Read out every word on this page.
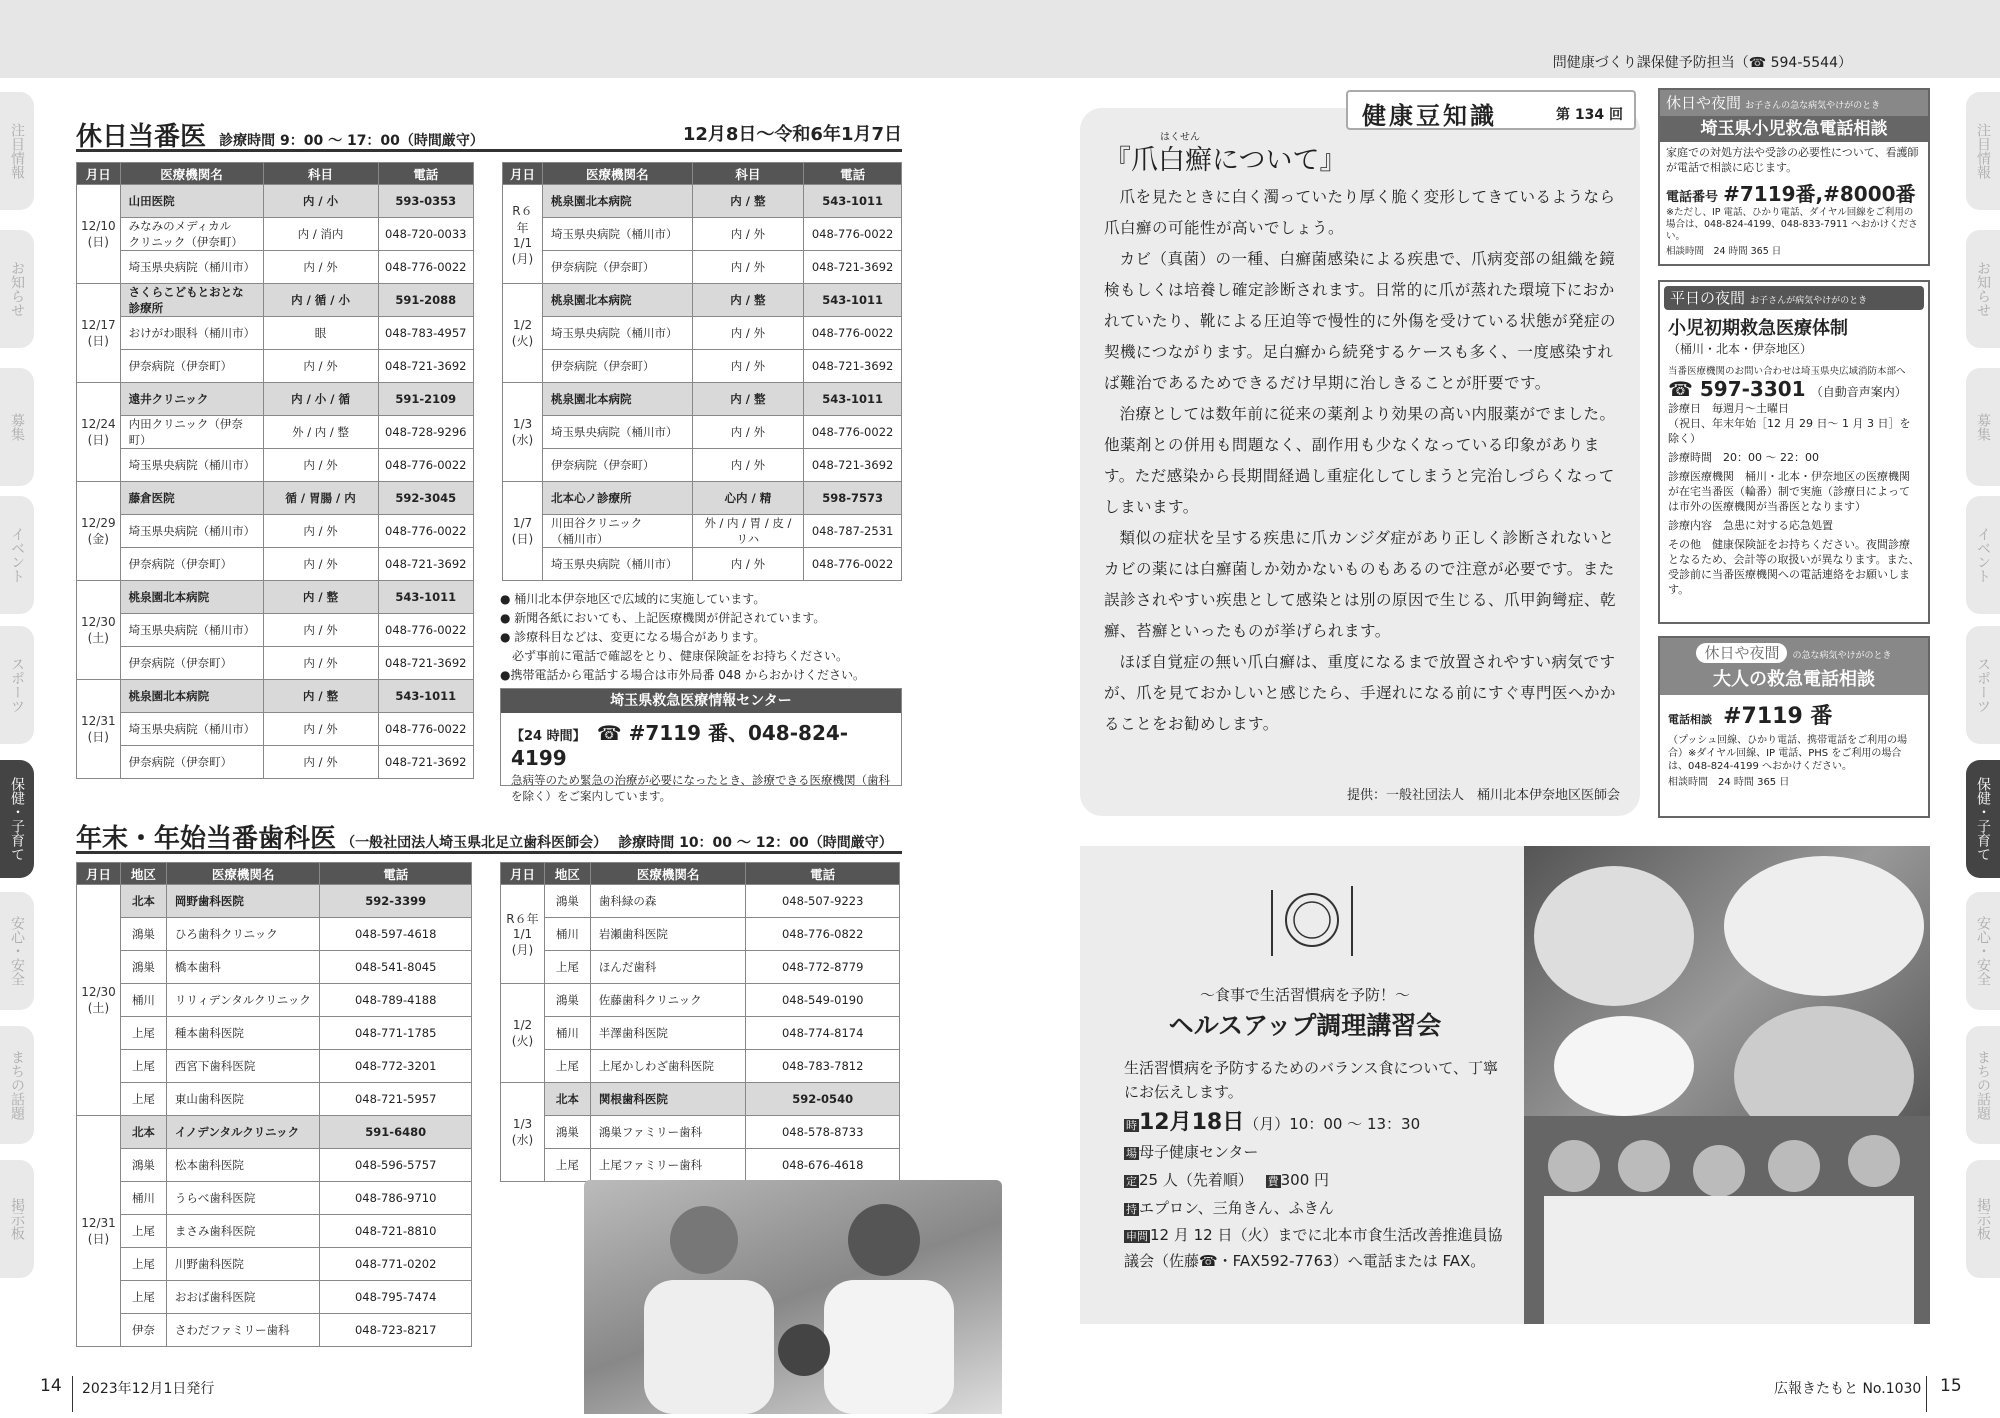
問健康づくり課保健予防担当（☎ 594-5544）
注目情報
お知らせ
募集
イベント
スポーツ
保健・子育て
安心・安全
まちの話題
掲示板
注目情報
お知らせ
募集
イベント
スポーツ
保健・子育て
安心・安全
まちの話題
掲示板
休日当番医 診療時間 9：00 ～ 17：00（時間厳守）	12月8日～令和6年1月7日
月日	医療機関名	科目	電話
12/10
(日)	山田医院	内 / 小	593-0353
	みなみのメディカル
クリニック（伊奈町）	内 / 消内	048-720-0033
	埼玉県央病院（桶川市）	内 / 外	048-776-0022
12/17
(日)	さくらこどもとおとな
診療所	内 / 循 / 小	591-2088
	おけがわ眼科（桶川市）	眼	048-783-4957
	伊奈病院（伊奈町）	内 / 外	048-721-3692
12/24
(日)	遠井クリニック	内 / 小 / 循	591-2109
	内田クリニック（伊奈町）	外 / 内 / 整	048-728-9296
	埼玉県央病院（桶川市）	内 / 外	048-776-0022
12/29
(金)	藤倉医院	循 / 胃腸 / 内	592-3045
	埼玉県央病院（桶川市）	内 / 外	048-776-0022
	伊奈病院（伊奈町）	内 / 外	048-721-3692
12/30
(土)	桃泉園北本病院	内 / 整	543-1011
	埼玉県央病院（桶川市）	内 / 外	048-776-0022
	伊奈病院（伊奈町）	内 / 外	048-721-3692
12/31
(日)	桃泉園北本病院	内 / 整	543-1011
	埼玉県央病院（桶川市）	内 / 外	048-776-0022
	伊奈病院（伊奈町）	内 / 外	048-721-3692
月日	医療機関名	科目	電話
R６年
1/1
(月)	桃泉園北本病院	内 / 整	543-1011
	埼玉県央病院（桶川市）	内 / 外	048-776-0022
	伊奈病院（伊奈町）	内 / 外	048-721-3692
1/2
(火)	桃泉園北本病院	内 / 整	543-1011
	埼玉県央病院（桶川市）	内 / 外	048-776-0022
	伊奈病院（伊奈町）	内 / 外	048-721-3692
1/3
(水)	桃泉園北本病院	内 / 整	543-1011
	埼玉県央病院（桶川市）	内 / 外	048-776-0022
	伊奈病院（伊奈町）	内 / 外	048-721-3692
1/7
(日)	北本心ノ診療所	心内 / 精	598-7573
	川田谷クリニック
（桶川市）	外 / 内 / 胃 / 皮 /
リハ	048-787-2531
	埼玉県央病院（桶川市）	内 / 外	048-776-0022
● 桶川北本伊奈地区で広域的に実施しています。
● 新聞各紙においても、上記医療機関が併記されています。
● 診療科目などは、変更になる場合があります。
　必ず事前に電話で確認をとり、健康保険証をお持ちください。
●携帯電話から電話する場合は市外局番 048 からおかけください。
埼玉県救急医療情報センター
【24 時間】 ☎ #7119 番、048-824-4199
急病等のため緊急の治療が必要になったとき、診療できる医療機関（歯科を除く）をご案内しています。
年末・年始当番歯科医 （一般社団法人埼玉県北足立歯科医師会） 診療時間 10：00 ～ 12：00（時間厳守）
月日	地区	医療機関名	電話
12/30
(土)	北本	岡野歯科医院	592-3399
	鴻巣	ひろ歯科クリニック	048-597-4618
	鴻巣	橋本歯科	048-541-8045
	桶川	リリィデンタルクリニック	048-789-4188
	上尾	種本歯科医院	048-771-1785
	上尾	西宮下歯科医院	048-772-3201
	上尾	東山歯科医院	048-721-5957
12/31
(日)	北本	イノデンタルクリニック	591-6480
	鴻巣	松本歯科医院	048-596-5757
	桶川	うらべ歯科医院	048-786-9710
	上尾	まさみ歯科医院	048-721-8810
	上尾	川野歯科医院	048-771-0202
	上尾	おおば歯科医院	048-795-7474
	伊奈	さわだファミリー歯科	048-723-8217
月日	地区	医療機関名	電話
R６年
1/1
(月)	鴻巣	歯科緑の森	048-507-9223
	桶川	岩瀬歯科医院	048-776-0822
	上尾	ほんだ歯科	048-772-8779
1/2
(火)	鴻巣	佐藤歯科クリニック	048-549-0190
	桶川	半澤歯科医院	048-774-8174
	上尾	上尾かしわざ歯科医院	048-783-7812
1/3
(水)	北本	関根歯科医院	592-0540
	鴻巣	鴻巣ファミリー歯科	048-578-8733
	上尾	上尾ファミリー歯科	048-676-4618
健康豆知識	第 134 回
はくせん
『爪白癬について』

爪を見たときに白く濁っていたり厚く脆く変形してきているようなら爪白癬の可能性が高いでしょう。

カビ（真菌）の一種、白癬菌感染による疾患で、爪病変部の組織を鏡検もしくは培養し確定診断されます。日常的に爪が蒸れた環境下におかれていたり、靴による圧迫等で慢性的に外傷を受けている状態が発症の契機につながります。足白癬から続発するケースも多く、一度感染すれば難治であるためできるだけ早期に治しきることが肝要です。

治療としては数年前に従来の薬剤より効果の高い内服薬がでました。他薬剤との併用も問題なく、副作用も少なくなっている印象があります。ただ感染から長期間経過し重症化してしまうと完治しづらくなってしまいます。

類似の症状を呈する疾患に爪カンジダ症があり正しく診断されないとカビの薬には白癬菌しか効かないものもあるので注意が必要です。また誤診されやすい疾患として感染とは別の原因で生じる、爪甲鉤彎症、乾癬、苔癬といったものが挙げられます。

ほぼ自覚症の無い爪白癬は、重度になるまで放置されやすい病気ですが、爪を見ておかしいと感じたら、手遅れになる前にすぐ専門医へかかることをお勧めします。

提供：一般社団法人　桶川北本伊奈地区医師会
休日や夜間 お子さんの急な病気やけがのとき
埼玉県小児救急電話相談
家庭での対処方法や受診の必要性について、看護師が電話で相談に応じます。
電話番号 #7119番,#8000番
※ただし、IP 電話、ひかり電話、ダイヤル回線をご利用の場合は、048-824-4199、048-833-7911 へおかけください。
相談時間　24 時間 365 日
平日の夜間 お子さんが病気やけがのとき
小児初期救急医療体制
（桶川・北本・伊奈地区）
当番医療機関のお問い合わせは埼玉県央広域消防本部へ
☎ 597-3301 （自動音声案内）
診療日　毎週月～土曜日
（祝日、年末年始［12 月 29 日～ 1 月 3 日］を除く）
診療時間　20：00 ～ 22：00
診療医療機関　桶川・北本・伊奈地区の医療機関が在宅当番医（輪番）制で実施（診療日によっては市外の医療機関が当番医となります）
診療内容　急患に対する応急処置
その他　健康保険証をお持ちください。夜間診療となるため、会計等の取扱いが異なります。また、受診前に当番医療機関への電話連絡をお願いします。
休日や夜間 の急な病気やけがのとき
大人の救急電話相談
電話相談 #7119 番
（プッシュ回線、ひかり電話、携帯電話をご利用の場合）※ダイヤル回線、IP 電話、PHS をご利用の場合は、048-824-4199 へおかけください。
相談時間　24 時間 365 日
～食事で生活習慣病を予防！～
ヘルスアップ調理講習会
生活習慣病を予防するためのバランス食について、丁寧にお伝えします。
時12月18日（月）10：00 ～ 13：30
場 母子健康センター
定 25 人（先着順） 費 300 円
持 エプロン、三角きん、ふきん
申問 12 月 12 日（火）までに北本市食生活改善推進員協議会（佐藤☎・FAX592-7763）へ電話または FAX。
14 2023年12月1日発行	広報きたもと No.1030 15
